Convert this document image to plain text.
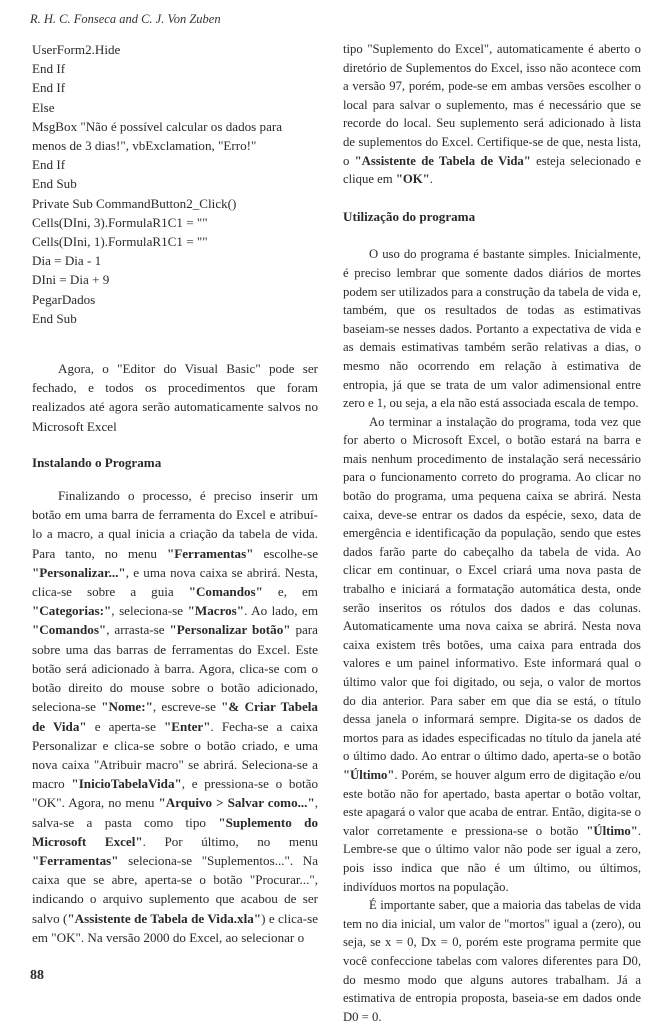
R. H. C. Fonseca and C. J. Von Zuben
UserForm2.Hide
End If
End If
Else
MsgBox "Não é possível calcular os dados para menos de 3 dias!", vbExclamation, "Erro!"
End If
End Sub
Private Sub CommandButton2_Click()
Cells(DIni, 3).FormulaR1C1 = ""
Cells(DIni, 1).FormulaR1C1 = ""
Dia = Dia - 1
DIni = Dia + 9
PegarDados
End Sub

Agora, o "Editor do Visual Basic" pode ser fechado, e todos os procedimentos que foram realizados até agora serão automaticamente salvos no Microsoft Excel

Instalando o Programa

Finalizando o processo, é preciso inserir um botão em uma barra de ferramenta do Excel e atribuí-lo a macro, a qual inicia a criação da tabela de vida. Para tanto, no menu "Ferramentas" escolhe-se "Personalizar...", e uma nova caixa se abrirá. Nesta, clica-se sobre a guia "Comandos" e, em "Categorias:", seleciona-se "Macros". Ao lado, em "Comandos", arrasta-se "Personalizar botão" para sobre uma das barras de ferramentas do Excel. Este botão será adicionado à barra. Agora, clica-se com o botão direito do mouse sobre o botão adicionado, seleciona-se "Nome:", escreve-se "& Criar Tabela de Vida" e aperta-se "Enter". Fecha-se a caixa Personalizar e clica-se sobre o botão criado, e uma nova caixa "Atribuir macro" se abrirá. Seleciona-se a macro "InicioTabelaVida", e pressiona-se o botão "OK". Agora, no menu "Arquivo > Salvar como...", salva-se a pasta como tipo "Suplemento do Microsoft Excel". Por último, no menu "Ferramentas" seleciona-se "Suplementos...". Na caixa que se abre, aperta-se o botão "Procurar...", indicando o arquivo suplemento que acabou de ser salvo ("Assistente de Tabela de Vida.xla") e clica-se em "OK". Na versão 2000 do Excel, ao selecionar o

tipo "Suplemento do Excel", automaticamente é aberto o diretório de Suplementos do Excel, isso não acontece com a versão 97, porém, pode-se em ambas versões escolher o local para salvar o suplemento, mas é necessário que se recorde do local. Seu suplemento será adicionado à lista de suplementos do Excel. Certifique-se de que, nesta lista, o "Assistente de Tabela de Vida" esteja selecionado e clique em "OK".

Utilização do programa

O uso do programa é bastante simples. Inicialmente, é preciso lembrar que somente dados diários de mortes podem ser utilizados para a construção da tabela de vida e, também, que os resultados de todas as estimativas baseiam-se nesses dados. Portanto a expectativa de vida e as demais estimativas também serão relativas a dias, o mesmo não ocorrendo em relação à estimativa de entropia, já que se trata de um valor adimensional entre zero e 1, ou seja, a ela não está associada escala de tempo.

Ao terminar a instalação do programa, toda vez que for aberto o Microsoft Excel, o botão estará na barra e mais nenhum procedimento de instalação será necessário para o funcionamento correto do programa. Ao clicar no botão do programa, uma pequena caixa se abrirá. Nesta caixa, deve-se entrar os dados da espécie, sexo, data de emergência e identificação da população, sendo que estes dados farão parte do cabeçalho da tabela de vida. Ao clicar em continuar, o Excel criará uma nova pasta de trabalho e iniciará a formatação automática desta, onde serão inseritos os rótulos dos dados e das colunas. Automaticamente uma nova caixa se abrirá. Nesta nova caixa existem três botões, uma caixa para entrada dos valores e um painel informativo. Este informará qual o último valor que foi digitado, ou seja, o valor de mortos do dia anterior. Para saber em que dia se está, o título dessa janela o informará sempre. Digita-se os dados de mortos para as idades especificadas no título da janela até o último dado. Ao entrar o último dado, aperta-se o botão "Último". Porém, se houver algum erro de digitação e/ou este botão não for apertado, basta apertar o botão voltar, este apagará o valor que acaba de entrar. Então, digita-se o valor corretamente e pressiona-se o botão "Último". Lembre-se que o último valor não pode ser igual a zero, pois isso indica que não é um último, ou últimos, indivíduos mortos na população.

É importante saber, que a maioria das tabelas de vida tem no dia inicial, um valor de "mortos" igual a (zero), ou seja, se x = 0, Dx = 0, porém este programa permite que você confeccione tabelas com valores diferentes para D0, do mesmo modo que alguns autores trabalham. Já a estimativa de entropia proposta, baseia-se em dados onde D0 = 0.

88
